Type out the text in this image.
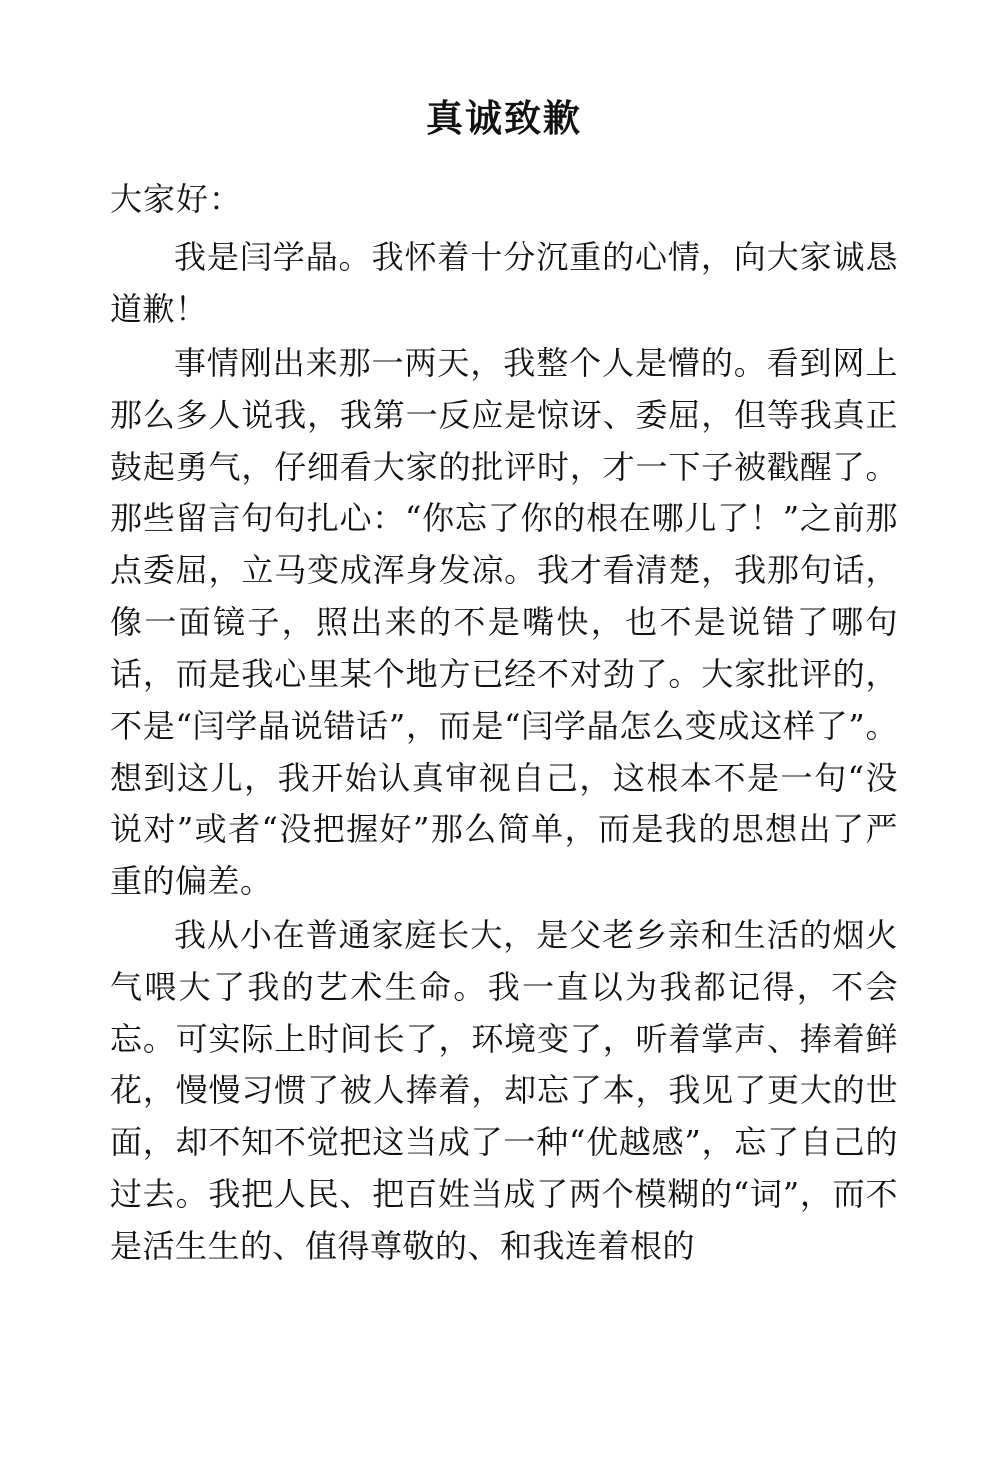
真诚致歉

大家好：

我是闫学晶。我怀着十分沉重的心情，向大家诚恳道歉！

事情刚出来那一两天，我整个人是懵的。看到网上那么多人说我，我第一反应是惊讶、委屈，但等我真正鼓起勇气，仔细看大家的批评时，才一下子被戳醒了。那些留言句句扎心：“你忘了你的根在哪儿了！”之前那点委屈，立马变成浑身发凉。我才看清楚，我那句话，像一面镜子，照出来的不是嘴快，也不是说错了哪句话，而是我心里某个地方已经不对劲了。大家批评的，不是“闫学晶说错话”，而是“闫学晶怎么变成这样了”。想到这儿，我开始认真审视自己，这根本不是一句“没说对”或者“没把握好”那么简单，而是我的思想出了严重的偏差。

我从小在普通家庭长大，是父老乡亲和生活的烟火气喂大了我的艺术生命。我一直以为我都记得，不会忘。可实际上时间长了，环境变了，听着掌声、捧着鲜花，慢慢习惯了被人捧着，却忘了本，我见了更大的世面，却不知不觉把这当成了一种“优越感”，忘了自己的过去。我把人民、把百姓当成了两个模糊的“词”，而不是活生生的、值得尊敬的、和我连着根的
